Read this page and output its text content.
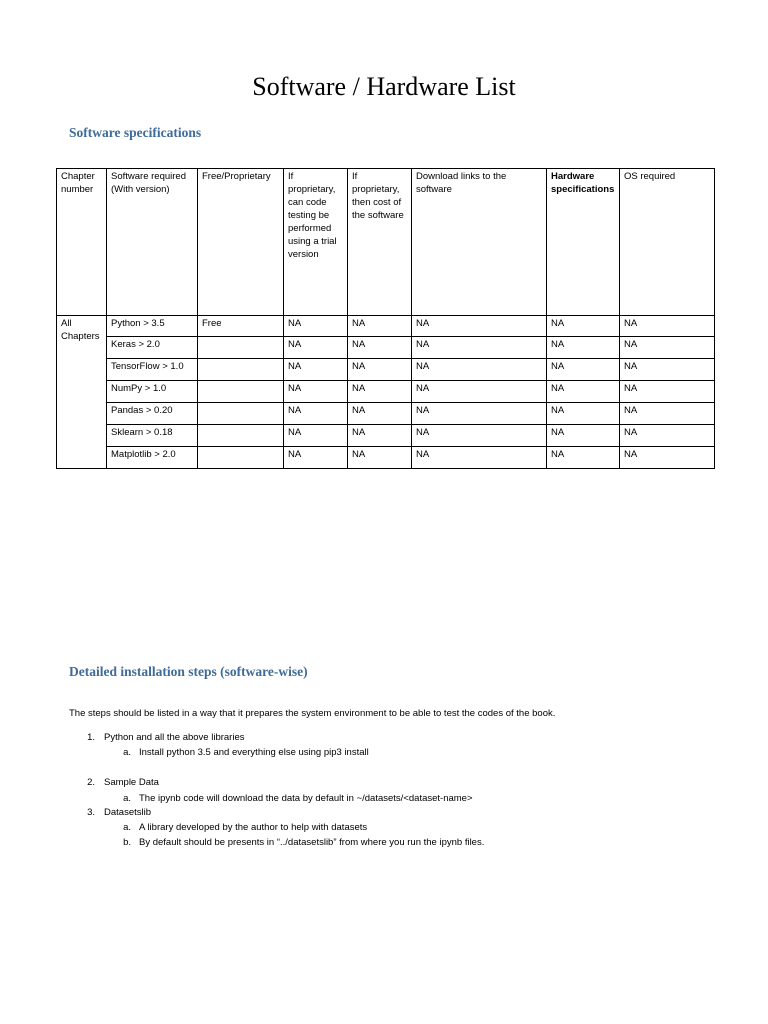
Software / Hardware List
Software specifications
Chapter number	Software required (With version)	Free/Proprietary	If proprietary, can code testing be performed using a trial version	If proprietary, then cost of the software	Download links to the software	Hardware specifications	OS required
All Chapters	Python > 3.5	Free	NA	NA	NA	NA	NA
	Keras > 2.0		NA	NA	NA	NA	NA
	TensorFlow > 1.0		NA	NA	NA	NA	NA
	NumPy > 1.0		NA	NA	NA	NA	NA
	Pandas > 0.20		NA	NA	NA	NA	NA
	Sklearn > 0.18		NA	NA	NA	NA	NA
	Matplotlib > 2.0		NA	NA	NA	NA	NA
Detailed installation steps (software-wise)

The steps should be listed in a way that it prepares the system environment to be able to test the codes of the book.

1. Python and all the above libraries
a. Install python 3.5 and everything else using pip3 install
2. Sample Data
a. The ipynb code will download the data by default in ~/datasets/<dataset-name>
3. Datasetslib
a. A library developed by the author to help with datasets
b. By default should be presents in “../datasetslib” from where you run the ipynb files.
